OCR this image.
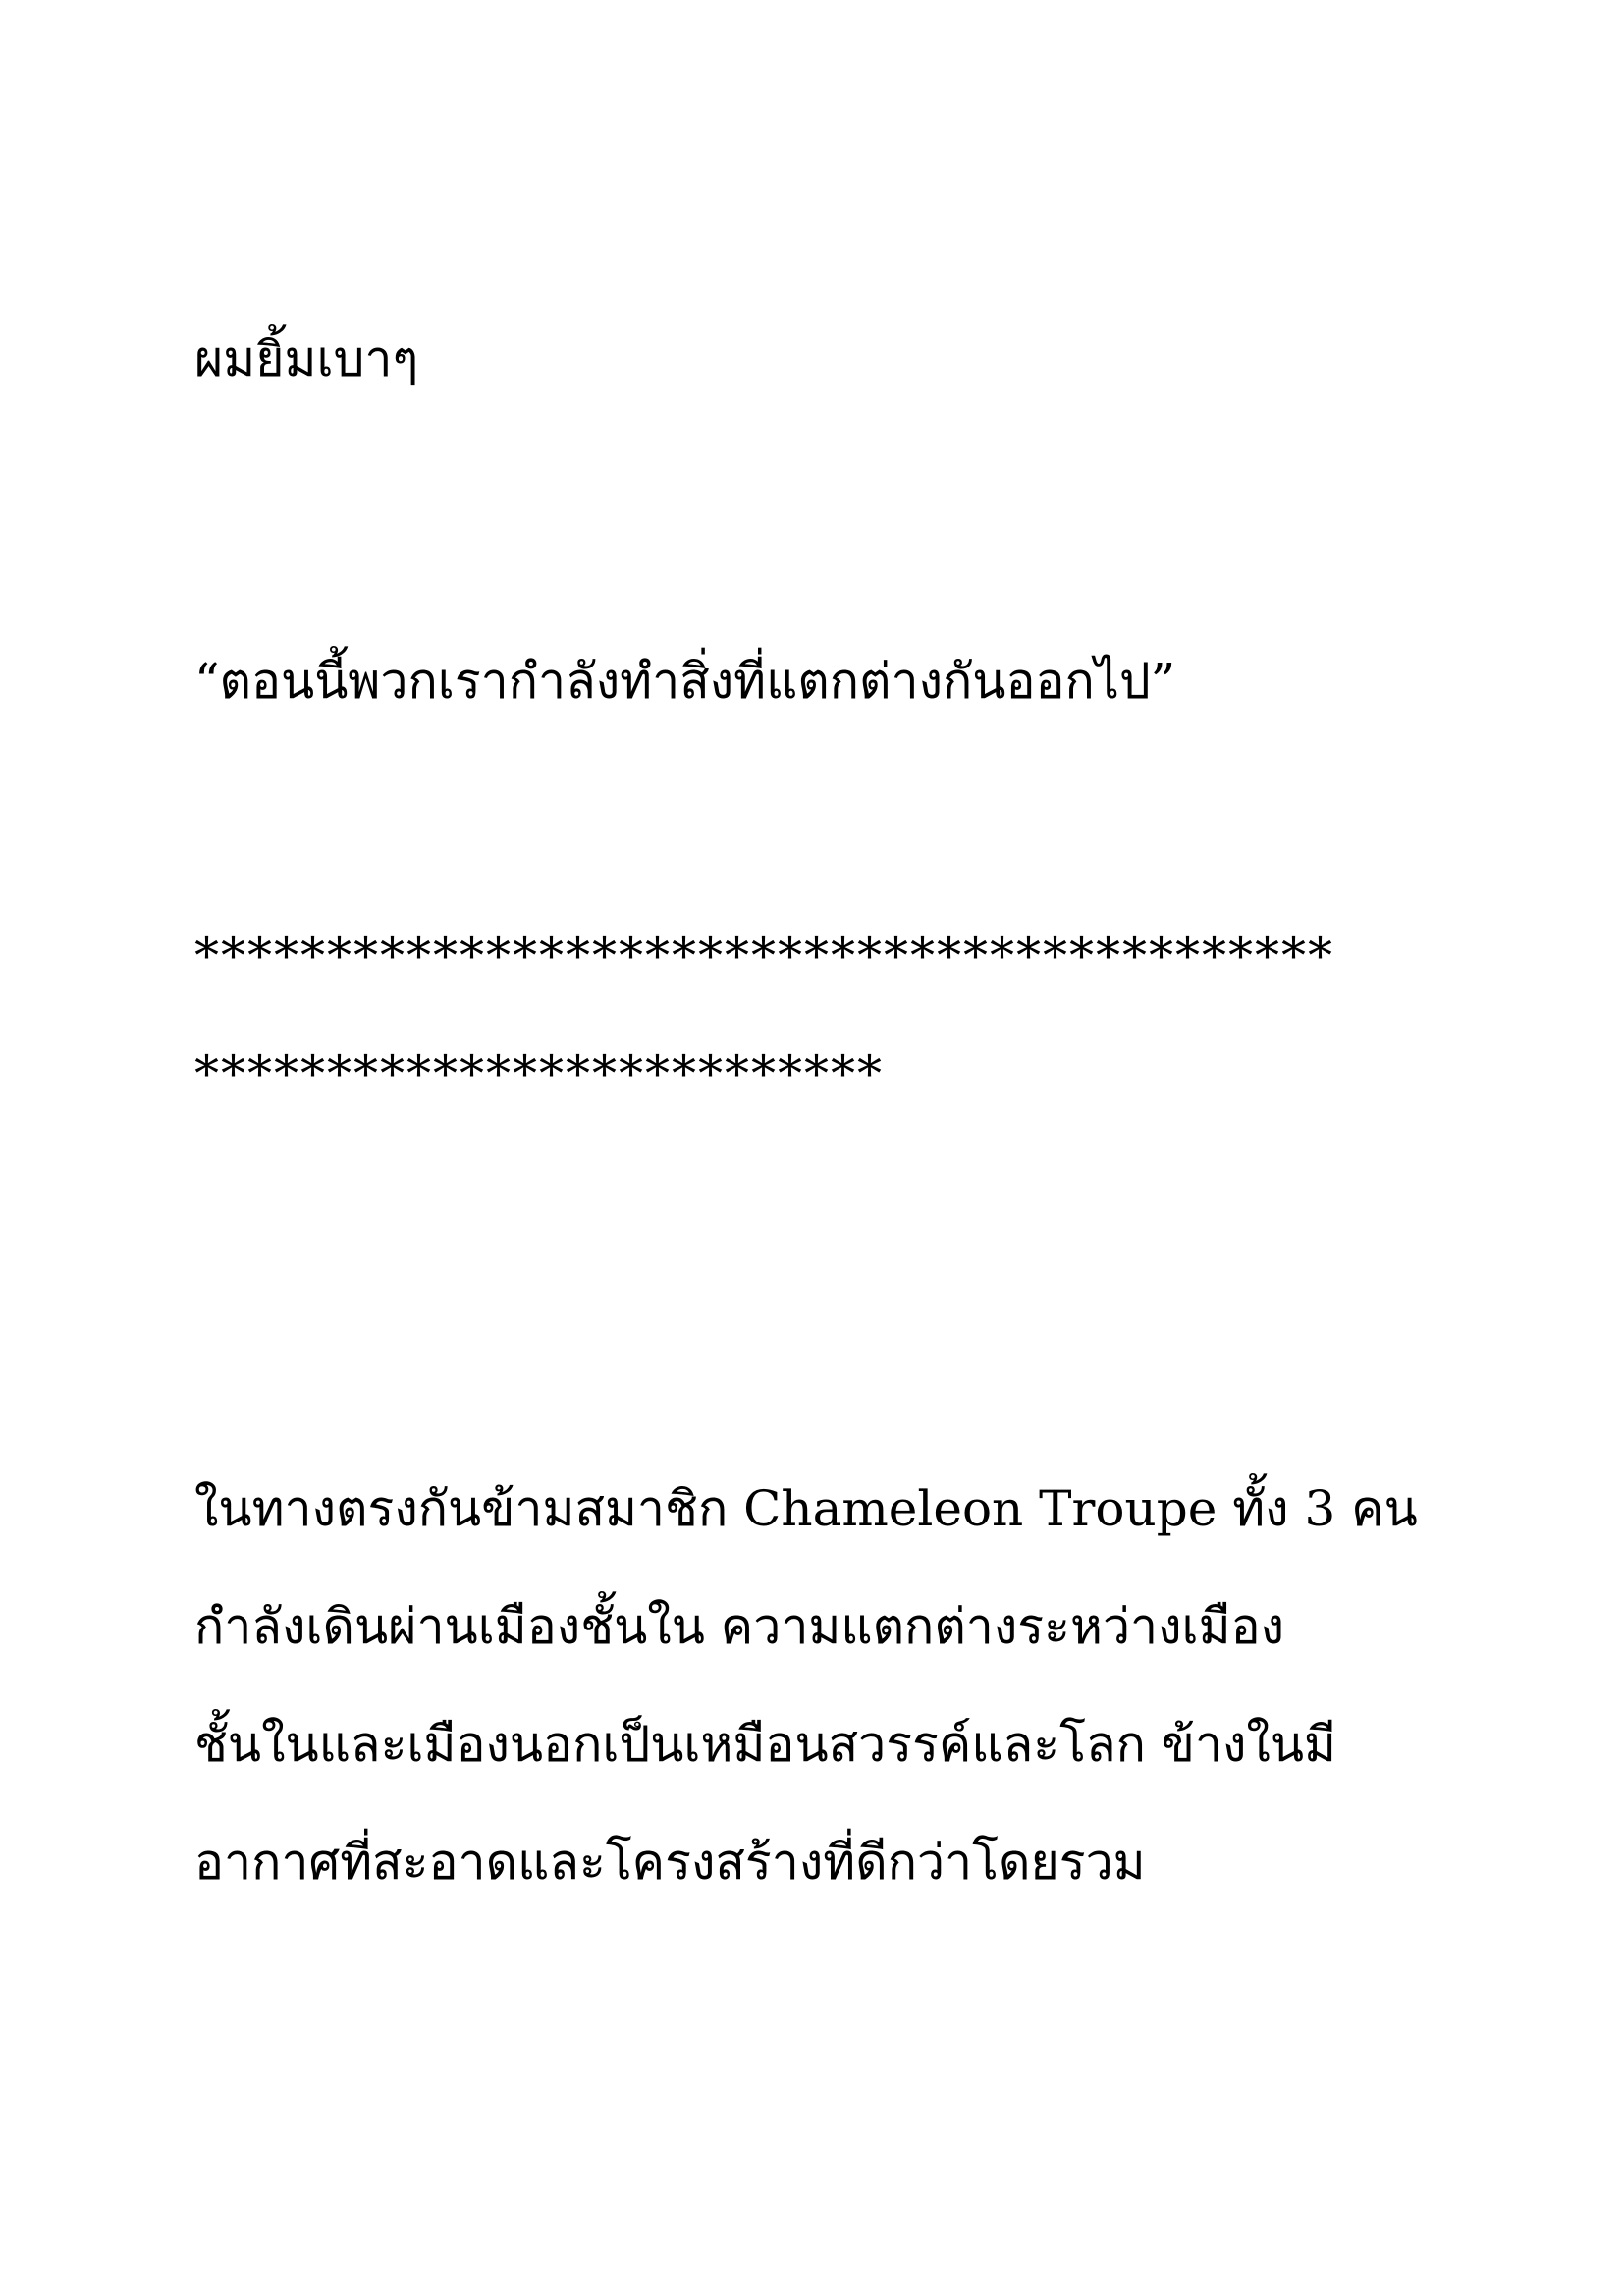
ผมยิ้มเบาๆ

“ตอนนี้พวกเรากำลังทำสิ่งที่แตกต่างกันออกไป”

*******************************************

**************************

ในทางตรงกันข้ามสมาชิก Chameleon Troupe ทั้ง 3 คน

กำลังเดินผ่านเมืองชั้นใน ความแตกต่างระหว่างเมือง

ชั้นในและเมืองนอกเป็นเหมือนสวรรค์และโลก ข้างในมี

อากาศที่สะอาดและโครงสร้างที่ดีกว่าโดยรวม
